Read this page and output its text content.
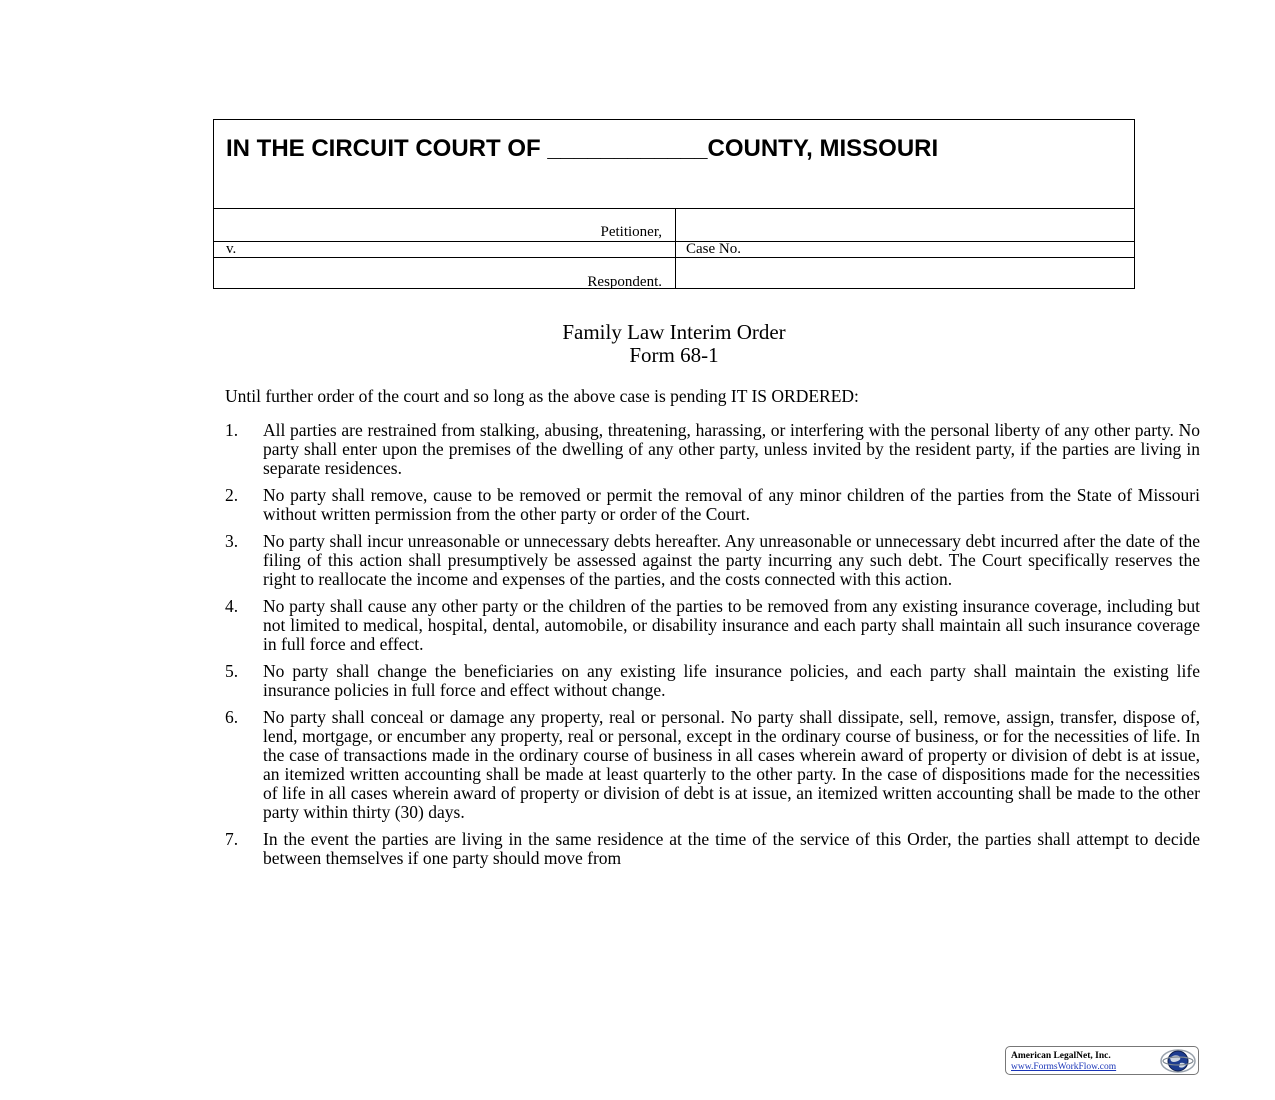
IN THE CIRCUIT COURT OF ____________COUNTY, MISSOURI
Petitioner,
v.	Case No.
Respondent.
Family Law Interim Order
Form 68-1

Until further order of the court and so long as the above case is pending IT IS ORDERED:

1. All parties are restrained from stalking, abusing, threatening, harassing, or interfering with the personal liberty of any other party. No party shall enter upon the premises of the dwelling of any other party, unless invited by the resident party, if the parties are living in separate residences.
2. No party shall remove, cause to be removed or permit the removal of any minor children of the parties from the State of Missouri without written permission from the other party or order of the Court.
3. No party shall incur unreasonable or unnecessary debts hereafter. Any unreasonable or unnecessary debt incurred after the date of the filing of this action shall presumptively be assessed against the party incurring any such debt. The Court specifically reserves the right to reallocate the income and expenses of the parties, and the costs connected with this action.
4. No party shall cause any other party or the children of the parties to be removed from any existing insurance coverage, including but not limited to medical, hospital, dental, automobile, or disability insurance and each party shall maintain all such insurance coverage in full force and effect.
5. No party shall change the beneficiaries on any existing life insurance policies, and each party shall maintain the existing life insurance policies in full force and effect without change.
6. No party shall conceal or damage any property, real or personal. No party shall dissipate, sell, remove, assign, transfer, dispose of, lend, mortgage, or encumber any property, real or personal, except in the ordinary course of business, or for the necessities of life. In the case of transactions made in the ordinary course of business in all cases wherein award of property or division of debt is at issue, an itemized written accounting shall be made at least quarterly to the other party. In the case of dispositions made for the necessities of life in all cases wherein award of property or division of debt is at issue, an itemized written accounting shall be made to the other party within thirty (30) days.
7. In the event the parties are living in the same residence at the time of the service of this Order, the parties shall attempt to decide between themselves if one party should move from
American LegalNet, Inc.
www.FormsWorkFlow.com
